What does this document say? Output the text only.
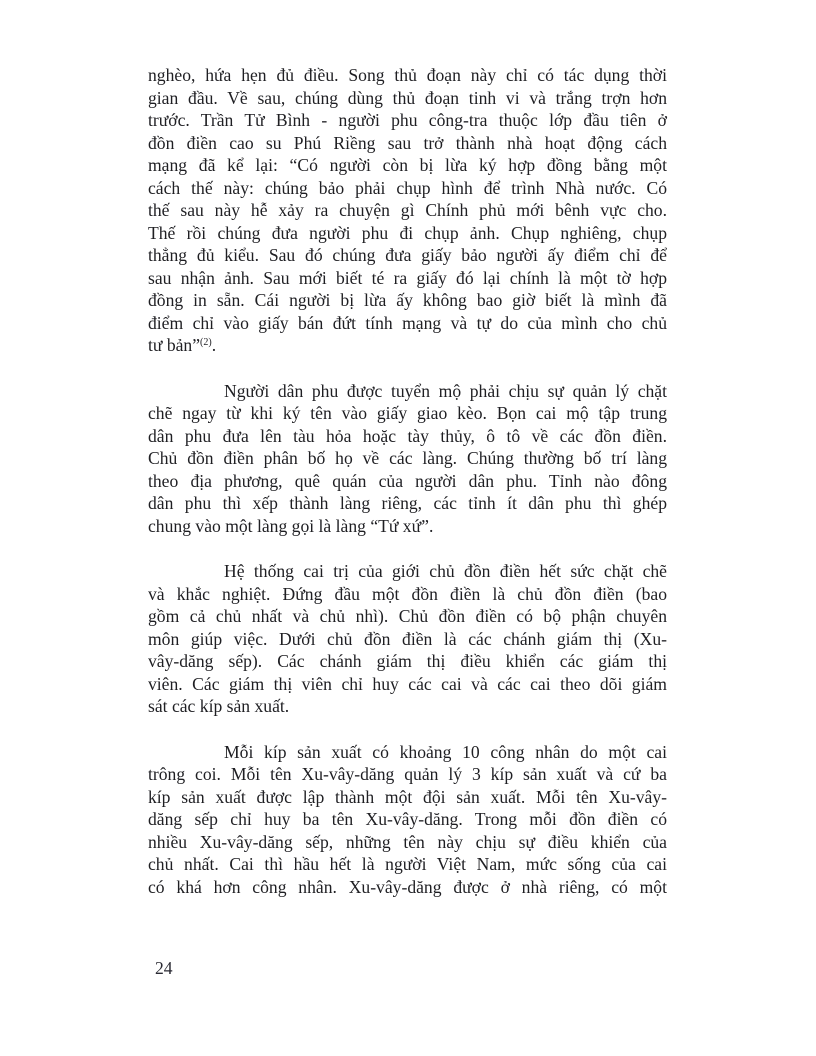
nghèo, hứa hẹn đủ điều. Song thủ đoạn này chỉ có tác dụng thời
gian đầu. Về sau, chúng dùng thủ đoạn tinh vi và trắng trợn hơn
trước. Trần Tử Bình - người phu công-tra thuộc lớp đầu tiên ở
đồn điền cao su Phú Riềng sau trở thành nhà hoạt động cách
mạng đã kể lại: “Có người còn bị lừa ký hợp đồng bằng một
cách thế này: chúng bảo phải chụp hình để trình Nhà nước. Có
thế sau này hễ xảy ra chuyện gì Chính phủ mới bênh vực cho.
Thế rồi chúng đưa người phu đi chụp ảnh. Chụp nghiêng, chụp
thẳng đủ kiểu. Sau đó chúng đưa giấy bảo người ấy điểm chỉ để
sau nhận ảnh. Sau mới biết té ra giấy đó lại chính là một tờ hợp
đồng in sẵn. Cái người bị lừa ấy không bao giờ biết là mình đã
điểm chỉ vào giấy bán đứt tính mạng và tự do của mình cho chủ
tư bản”$^{(2)}$.
Người dân phu được tuyển mộ phải chịu sự quản lý chặt
chẽ ngay từ khi ký tên vào giấy giao kèo. Bọn cai mộ tập trung
dân phu đưa lên tàu hỏa hoặc tày thủy, ô tô về các đồn điền.
Chủ đồn điền phân bố họ về các làng. Chúng thường bố trí làng
theo địa phương, quê quán của người dân phu. Tỉnh nào đông
dân phu thì xếp thành làng riêng, các tỉnh ít dân phu thì ghép
chung vào một làng gọi là làng “Tứ xứ”.
Hệ thống cai trị của giới chủ đồn điền hết sức chặt chẽ
và khắc nghiệt. Đứng đầu một đồn điền là chủ đồn điền (bao
gồm cả chủ nhất và chủ nhì). Chủ đồn điền có bộ phận chuyên
môn giúp việc. Dưới chủ đồn điền là các chánh giám thị (Xu-
vây-dăng sếp). Các chánh giám thị điều khiển các giám thị
viên. Các giám thị viên chỉ huy các cai và các cai theo dõi giám
sát các kíp sản xuất.
Mỗi kíp sản xuất có khoảng 10 công nhân do một cai
trông coi. Mỗi tên Xu-vây-dăng quản lý 3 kíp sản xuất và cứ ba
kíp sản xuất được lập thành một đội sản xuất. Mỗi tên Xu-vây-
dăng sếp chỉ huy ba tên Xu-vây-dăng. Trong mỗi đồn điền có
nhiều Xu-vây-dăng sếp, những tên này chịu sự điều khiển của
chủ nhất. Cai thì hầu hết là người Việt Nam, mức sống của cai
có khá hơn công nhân. Xu-vây-dăng được ở nhà riêng, có một
24
